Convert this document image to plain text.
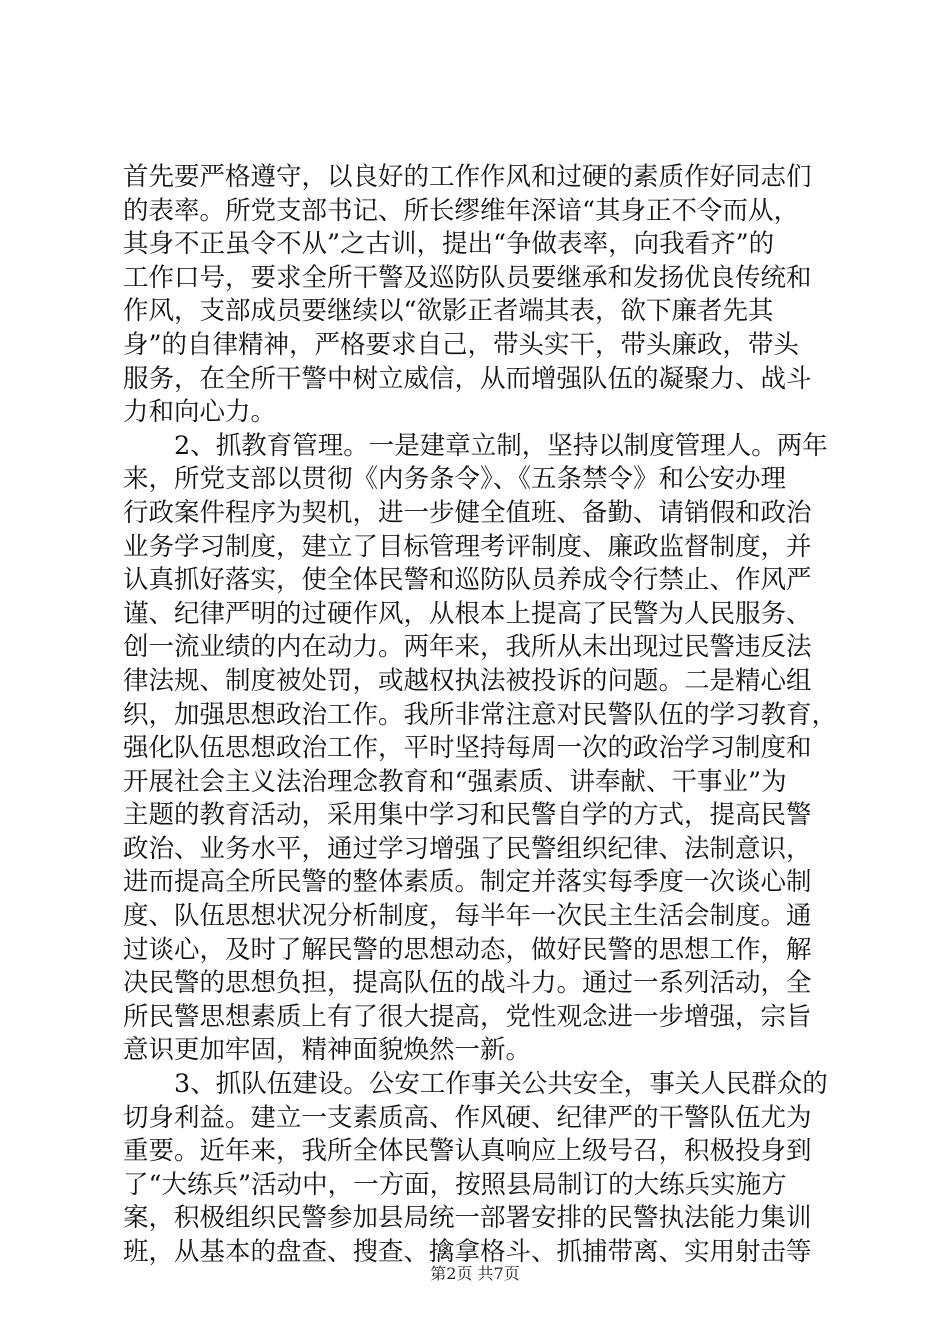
首先要严格遵守，以良好的工作作风和过硬的素质作好同志们
的表率。所党支部书记、所长缪维年深谙“其身正不令而从，
其身不正虽令不从”之古训，提出“争做表率，向我看齐”的
工作口号，要求全所干警及巡防队员要继承和发扬优良传统和
作风，支部成员要继续以“欲影正者端其表，欲下廉者先其
身”的自律精神，严格要求自己，带头实干，带头廉政，带头
服务，在全所干警中树立威信，从而增强队伍的凝聚力、战斗
力和向心力。
　　2、抓教育管理。一是建章立制，坚持以制度管理人。两年
来，所党支部以贯彻《内务条令》、《五条禁令》和公安办理
行政案件程序为契机，进一步健全值班、备勤、请销假和政治
业务学习制度，建立了目标管理考评制度、廉政监督制度，并
认真抓好落实，使全体民警和巡防队员养成令行禁止、作风严
谨、纪律严明的过硬作风，从根本上提高了民警为人民服务、
创一流业绩的内在动力。两年来，我所从未出现过民警违反法
律法规、制度被处罚，或越权执法被投诉的问题。二是精心组
织，加强思想政治工作。我所非常注意对民警队伍的学习教育，
强化队伍思想政治工作，平时坚持每周一次的政治学习制度和
开展社会主义法治理念教育和“强素质、讲奉献、干事业”为
主题的教育活动，采用集中学习和民警自学的方式，提高民警
政治、业务水平，通过学习增强了民警组织纪律、法制意识，
进而提高全所民警的整体素质。制定并落实每季度一次谈心制
度、队伍思想状况分析制度，每半年一次民主生活会制度。通
过谈心，及时了解民警的思想动态，做好民警的思想工作，解
决民警的思想负担，提高队伍的战斗力。通过一系列活动，全
所民警思想素质上有了很大提高，党性观念进一步增强，宗旨
意识更加牢固，精神面貌焕然一新。
　　3、抓队伍建设。公安工作事关公共安全，事关人民群众的
切身利益。建立一支素质高、作风硬、纪律严的干警队伍尤为
重要。近年来，我所全体民警认真响应上级号召，积极投身到
了“大练兵”活动中，一方面，按照县局制订的大练兵实施方
案，积极组织民警参加县局统一部署安排的民警执法能力集训
班，从基本的盘查、搜查、擒拿格斗、抓捕带离、实用射击等
第2页 共7页
